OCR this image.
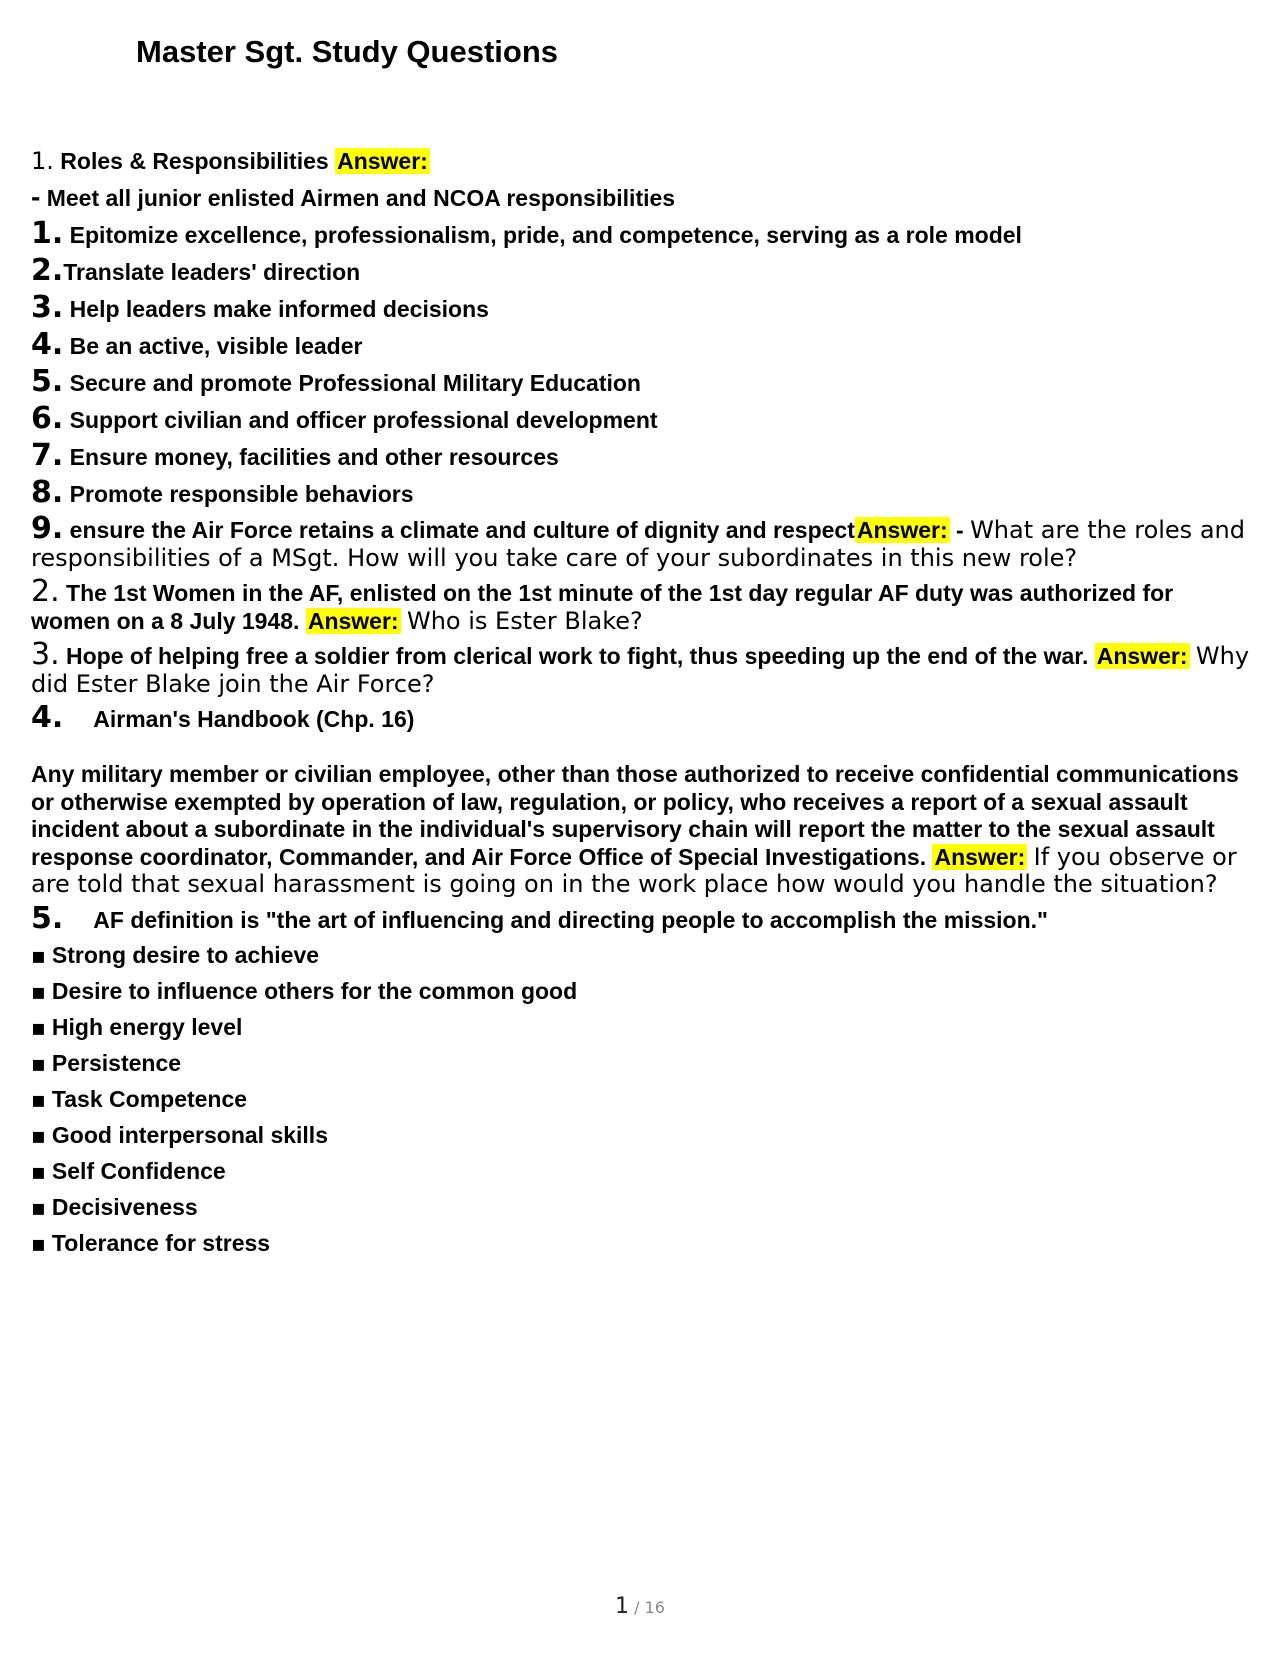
Master Sgt. Study Questions
1. Roles & Responsibilities Answer:
- Meet all junior enlisted Airmen and NCOA responsibilities
1. Epitomize excellence, professionalism, pride, and competence, serving as a role model
2.Translate leaders' direction
3. Help leaders make informed decisions
4. Be an active, visible leader
5. Secure and promote Professional Military Education
6. Support civilian and officer professional development
7. Ensure money, facilities and other resources
8. Promote responsible behaviors
9. ensure the Air Force retains a climate and culture of dignity and respectAnswer: - What are the roles and responsibilities of a MSgt. How will you take care of your subordinates in this new role?
2. The 1st Women in the AF, enlisted on the 1st minute of the 1st day regular AF duty was authorized for women on a 8 July 1948. Answer: Who is Ester Blake?
3. Hope of helping free a soldier from clerical work to fight, thus speeding up the end of the war. Answer: Why did Ester Blake join the Air Force?
4. Airman's Handbook (Chp. 16)
Any military member or civilian employee, other than those authorized to receive confidential communications or otherwise exempted by operation of law, regulation, or policy, who receives a report of a sexual assault incident about a subordinate in the individual's supervisory chain will report the matter to the sexual assault response coordinator, Commander, and Air Force Office of Special Investigations. Answer: If you observe or are told that sexual harassment is going on in the work place how would you handle the situation?
5. AF definition is "the art of influencing and directing people to accomplish the mission."
▪ Strong desire to achieve
▪ Desire to influence others for the common good
▪ High energy level
▪ Persistence
▪ Task Competence
▪ Good interpersonal skills
▪ Self Confidence
▪ Decisiveness
▪ Tolerance for stress
1 / 16
